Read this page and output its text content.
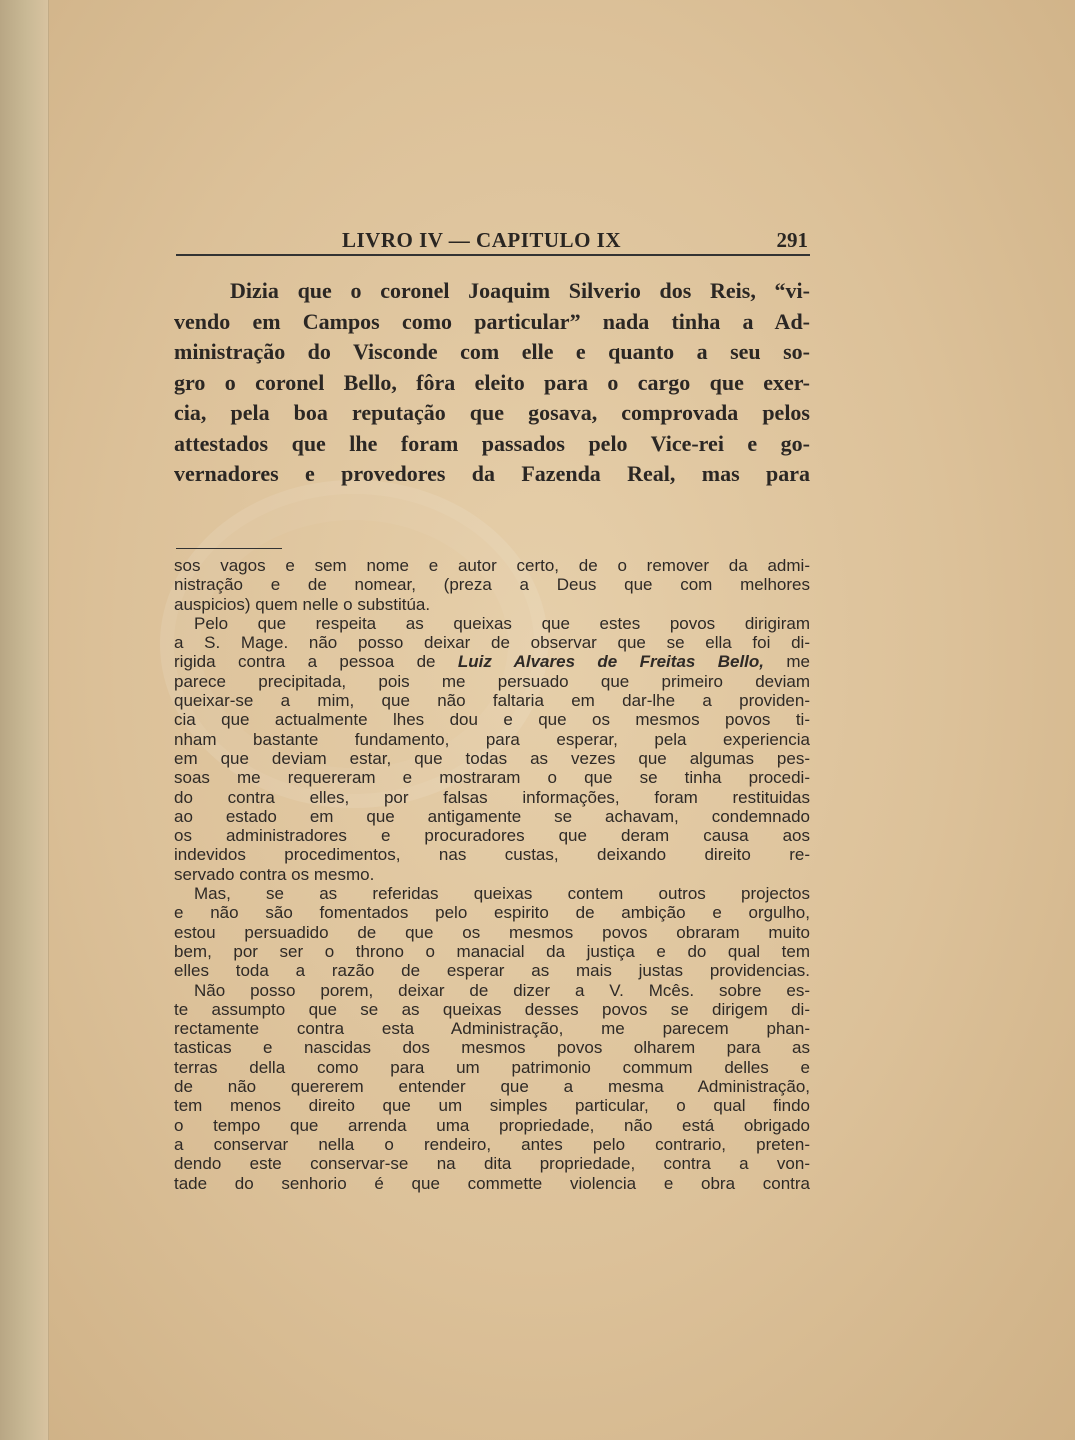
LIVRO IV — CAPITULO IX	291
Dizia que o coronel Joaquim Silverio dos Reis, “vi-
vendo em Campos como particular” nada tinha a Ad-
ministração do Visconde com elle e quanto a seu so-
gro o coronel Bello, fôra eleito para o cargo que exer-
cia, pela boa reputação que gosava, comprovada pelos
attestados que lhe foram passados pelo Vice-rei e go-
vernadores e provedores da Fazenda Real, mas para
sos vagos e sem nome e autor certo, de o remover da admi-
nistração e de nomear, (preza a Deus que com melhores
auspicios) quem nelle o substitúa.
Pelo que respeita as queixas que estes povos dirigiram
a S. Mage. não posso deixar de observar que se ella foi di-
rigida contra a pessoa de Luiz Alvares de Freitas Bello, me
parece precipitada, pois me persuado que primeiro deviam
queixar-se a mim, que não faltaria em dar-lhe a providen-
cia que actualmente lhes dou e que os mesmos povos ti-
nham bastante fundamento, para esperar, pela experiencia
em que deviam estar, que todas as vezes que algumas pes-
soas me requereram e mostraram o que se tinha procedi-
do contra elles, por falsas informações, foram restituidas
ao estado em que antigamente se achavam, condemnado
os administradores e procuradores que deram causa aos
indevidos procedimentos, nas custas, deixando direito re-
servado contra os mesmo.
Mas, se as referidas queixas contem outros projectos
e não são fomentados pelo espirito de ambição e orgulho,
estou persuadido de que os mesmos povos obraram muito
bem, por ser o throno o manacial da justiça e do qual tem
elles toda a razão de esperar as mais justas providencias.
Não posso porem, deixar de dizer a V. Mcês. sobre es-
te assumpto que se as queixas desses povos se dirigem di-
rectamente contra esta Administração, me parecem phan-
tasticas e nascidas dos mesmos povos olharem para as
terras della como para um patrimonio commum delles e
de não quererem entender que a mesma Administração,
tem menos direito que um simples particular, o qual findo
o tempo que arrenda uma propriedade, não está obrigado
a conservar nella o rendeiro, antes pelo contrario, preten-
dendo este conservar-se na dita propriedade, contra a von-
tade do senhorio é que commette violencia e obra contra
